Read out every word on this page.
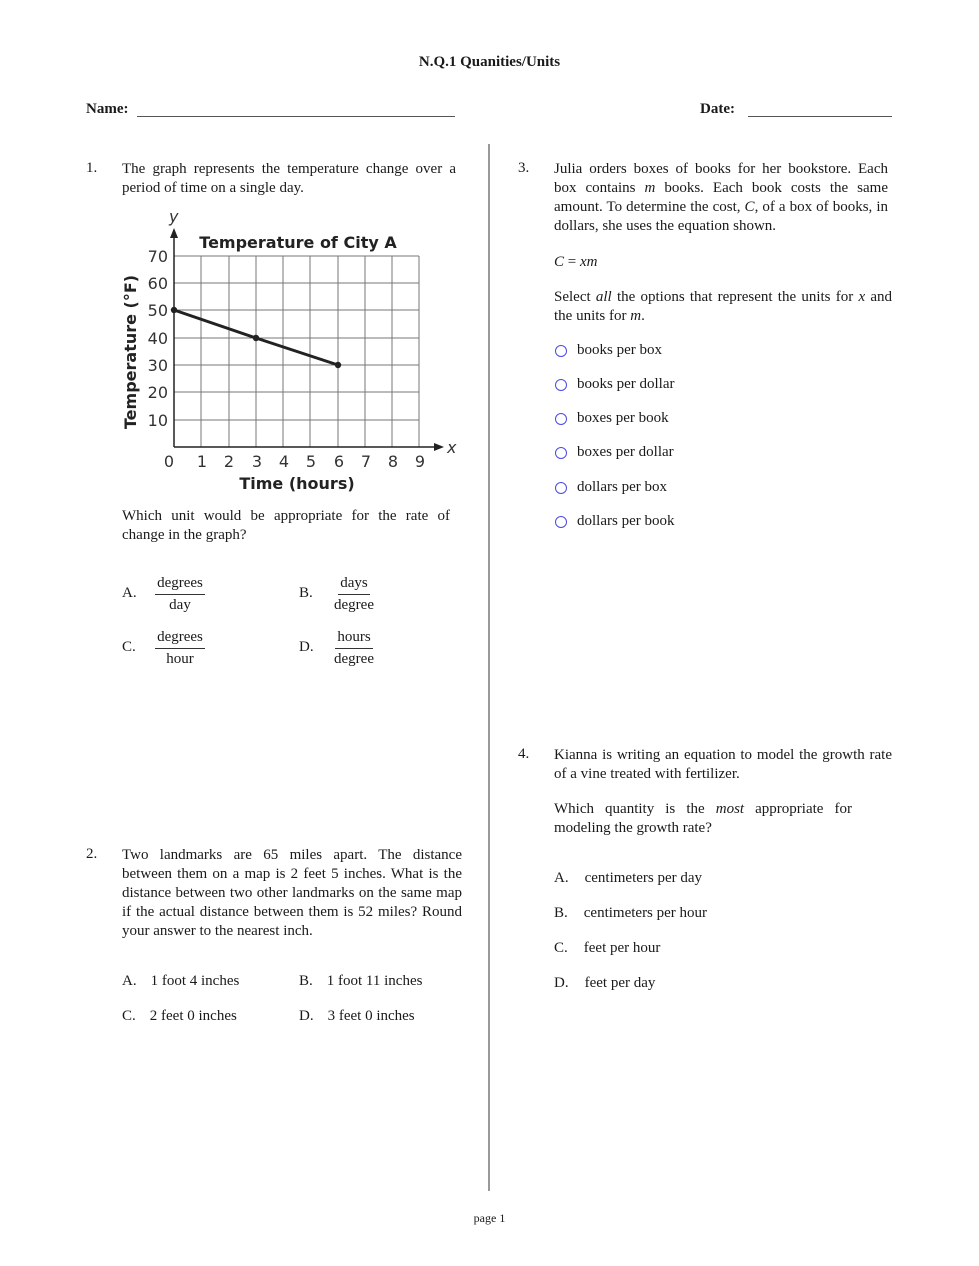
N.Q.1 Quanities/Units
Name:	Date:
1. The graph represents the temperature change over a period of time on a single day.
y
x
Temperature of City A
70
60
50
40
30
20
10
0 1 2 3 4 5 6 7 8 9
Time (hours)
Temperature (°F)
Which unit would be appropriate for the rate of change in the graph?
A.
degrees
day
B.
days
degree
C.
degrees
hour
D.
hours
degree
2. Two landmarks are 65 miles apart. The distance between them on a map is 2 feet 5 inches. What is the distance between two other landmarks on the same map if the actual distance between them is 52 miles? Round your answer to the nearest inch.
A. 1 foot 4 inches	B. 1 foot 11 inches
C. 2 feet 0 inches	D. 3 feet 0 inches
3. Julia orders boxes of books for her bookstore. Each box contains m books. Each book costs the same amount. To determine the cost, C, of a box of books, in dollars, she uses the equation shown.
C = xm
Select all the options that represent the units for x and the units for m.
books per box
books per dollar
boxes per book
boxes per dollar
dollars per box
dollars per book
4. Kianna is writing an equation to model the growth rate of a vine treated with fertilizer.
Which quantity is the most appropriate for modeling the growth rate?
A. centimeters per day
B. centimeters per hour
C. feet per hour
D. feet per day
page 1
